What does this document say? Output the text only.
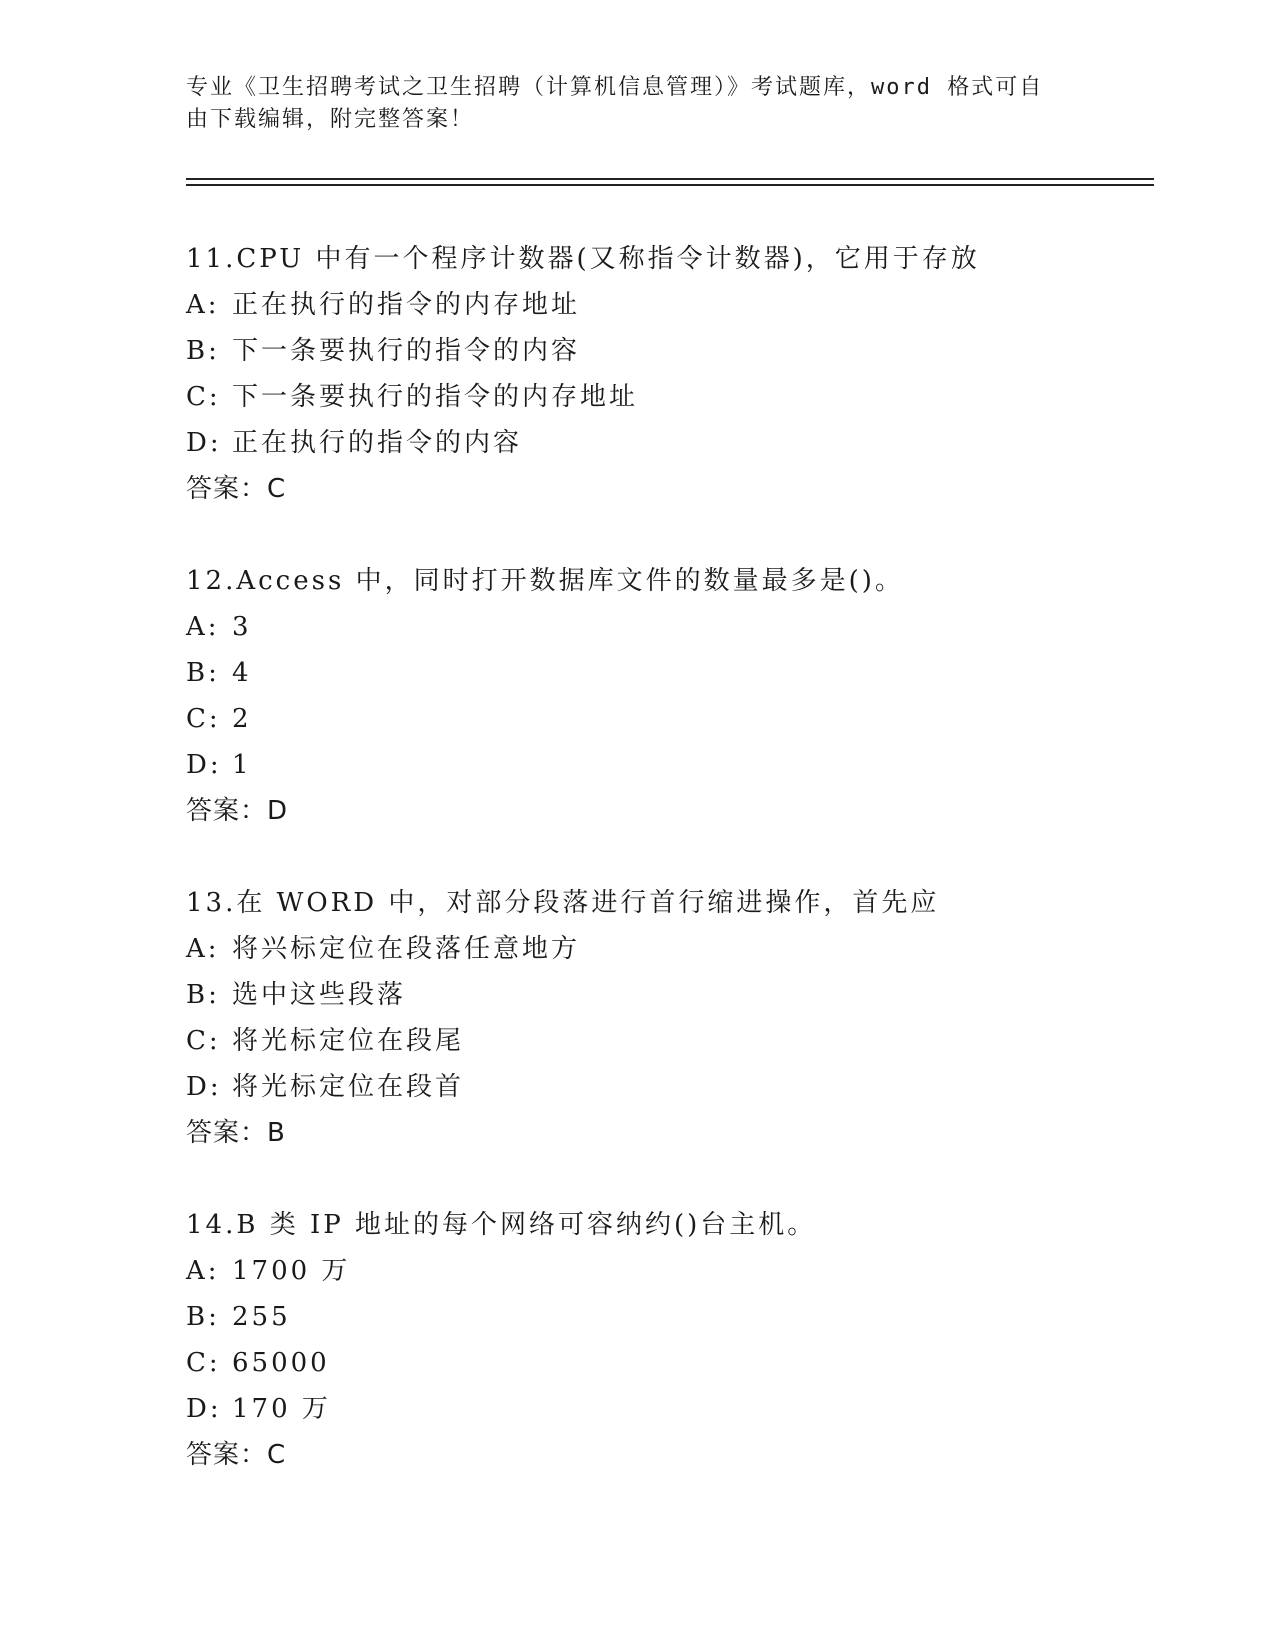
专业《卫生招聘考试之卫生招聘（计算机信息管理）》考试题库，word 格式可自
由下载编辑，附完整答案！
11.CPU 中有一个程序计数器(又称指令计数器)，它用于存放
A: 正在执行的指令的内存地址
B: 下一条要执行的指令的内容
C: 下一条要执行的指令的内存地址
D: 正在执行的指令的内容
答案：C
12.Access 中，同时打开数据库文件的数量最多是()。
A: 3
B: 4
C: 2
D: 1
答案：D
13.在 WORD 中，对部分段落进行首行缩进操作，首先应
A: 将兴标定位在段落任意地方
B: 选中这些段落
C: 将光标定位在段尾
D: 将光标定位在段首
答案：B
14.B 类 IP 地址的每个网络可容纳约()台主机。
A: 1700 万
B: 255
C: 65000
D: 170 万
答案：C
